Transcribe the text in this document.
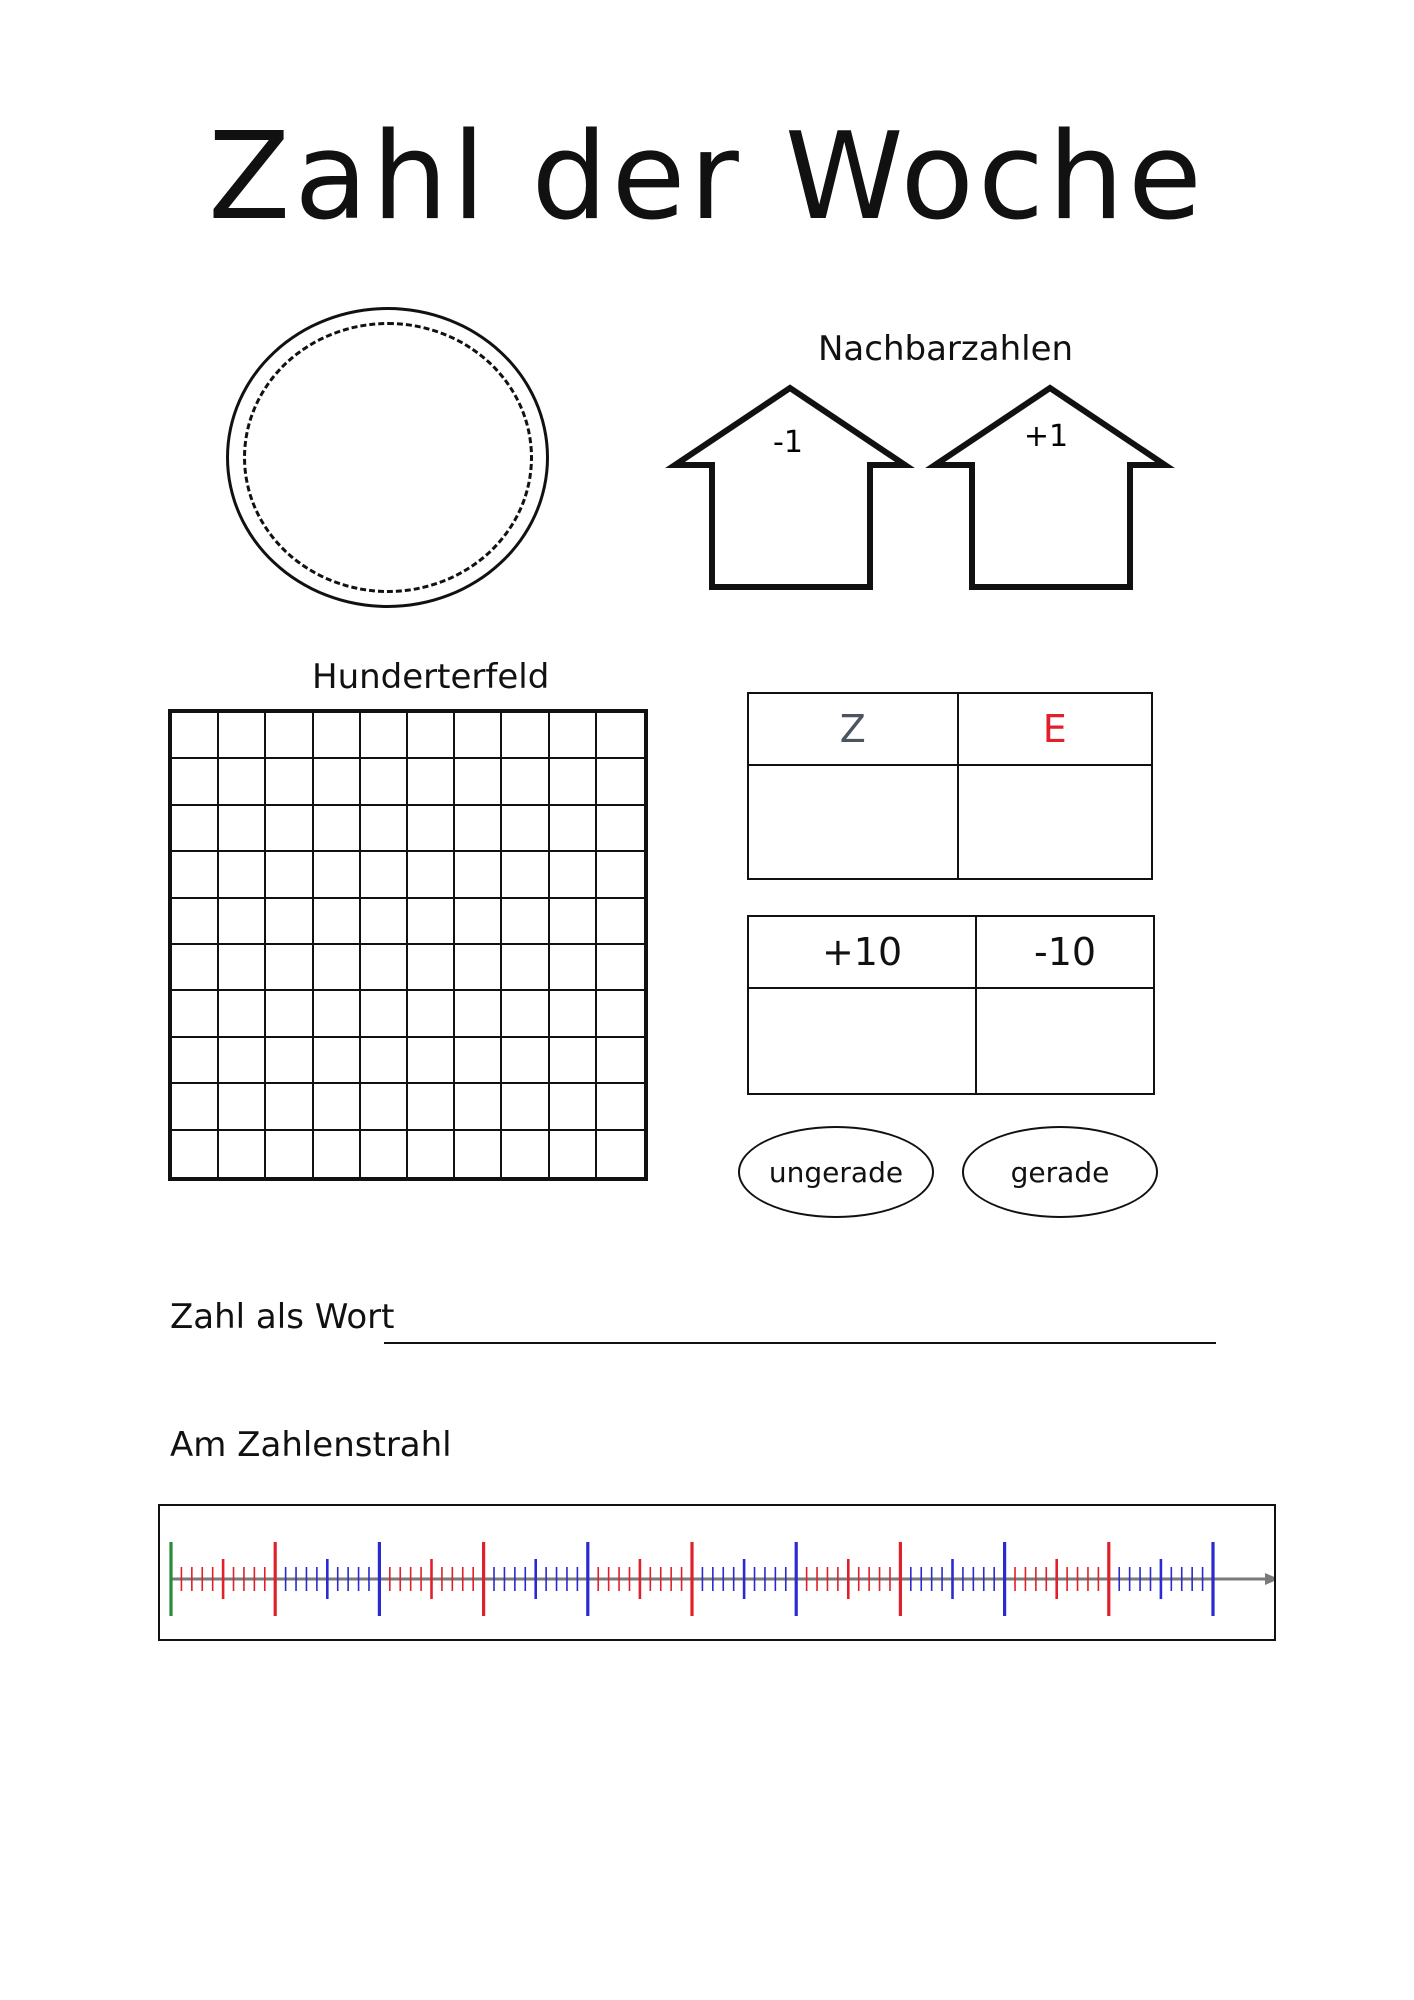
Zahl der Woche
Nachbarzahlen
-1	+1
Hunderterfeld
Z	E

+10	-10

ungerade	gerade
Zahl als Wort
Am Zahlenstrahl
